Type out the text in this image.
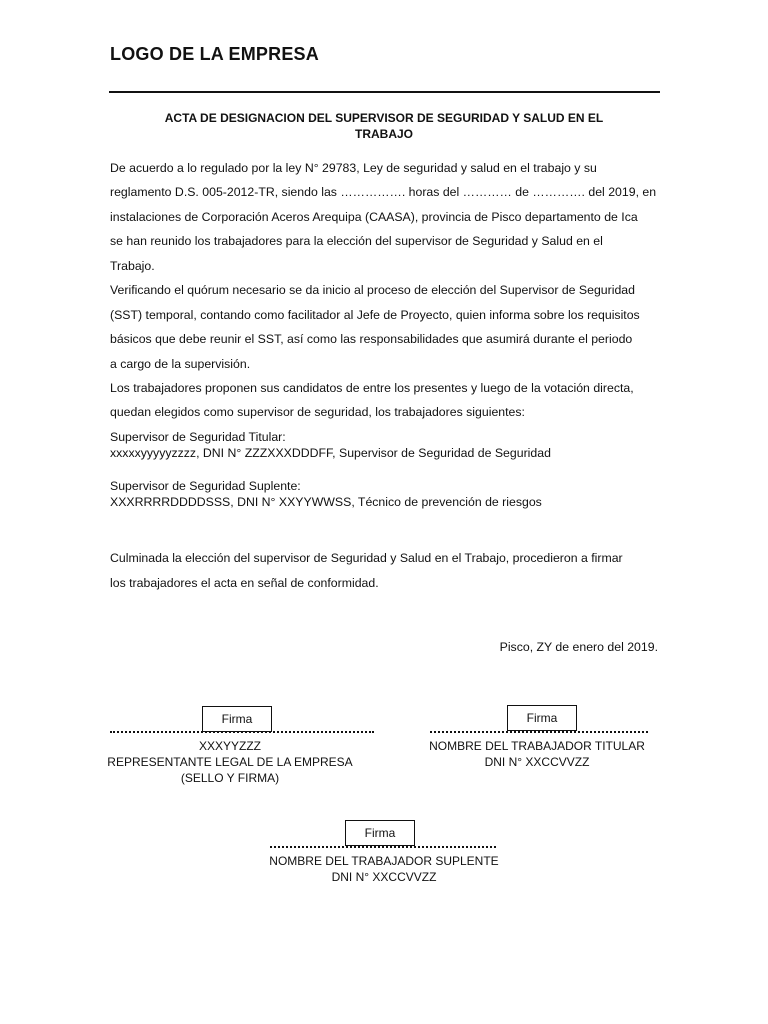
LOGO DE LA EMPRESA
ACTA DE DESIGNACION DEL SUPERVISOR DE SEGURIDAD Y SALUD EN EL
TRABAJO
De acuerdo a lo regulado por la ley N° 29783, Ley de seguridad y salud en el trabajo y su
reglamento D.S. 005-2012-TR, siendo las ……………. horas del ………… de …………. del 2019, en
instalaciones de Corporación Aceros Arequipa (CAASA), provincia de Pisco departamento de Ica
se han reunido los trabajadores para la elección del supervisor de Seguridad y Salud en el
Trabajo.
Verificando el quórum necesario se da inicio al proceso de elección del Supervisor de Seguridad
(SST) temporal, contando como facilitador al Jefe de Proyecto, quien informa sobre los requisitos
básicos que debe reunir el SST, así como las responsabilidades que asumirá durante el periodo
a cargo de la supervisión.
Los trabajadores proponen sus candidatos de entre los presentes y luego de la votación directa,
quedan elegidos como supervisor de seguridad, los trabajadores siguientes:
Supervisor de Seguridad Titular:
xxxxxyyyyyzzzz, DNI N° ZZZXXXDDDFF, Supervisor de Seguridad de Seguridad
Supervisor de Seguridad Suplente:
XXXRRRRDDDDSSS, DNI N° XXYYWWSS, Técnico de prevención de riesgos
Culminada la elección del supervisor de Seguridad y Salud en el Trabajo, procedieron a firmar
los trabajadores el acta en señal de conformidad.
Pisco, ZY de enero del 2019.
Firma
XXXYYZZZ
REPRESENTANTE LEGAL DE LA EMPRESA
(SELLO Y FIRMA)
Firma
NOMBRE DEL TRABAJADOR TITULAR
DNI N° XXCCVVZZ
Firma
NOMBRE DEL TRABAJADOR SUPLENTE
DNI N° XXCCVVZZ
